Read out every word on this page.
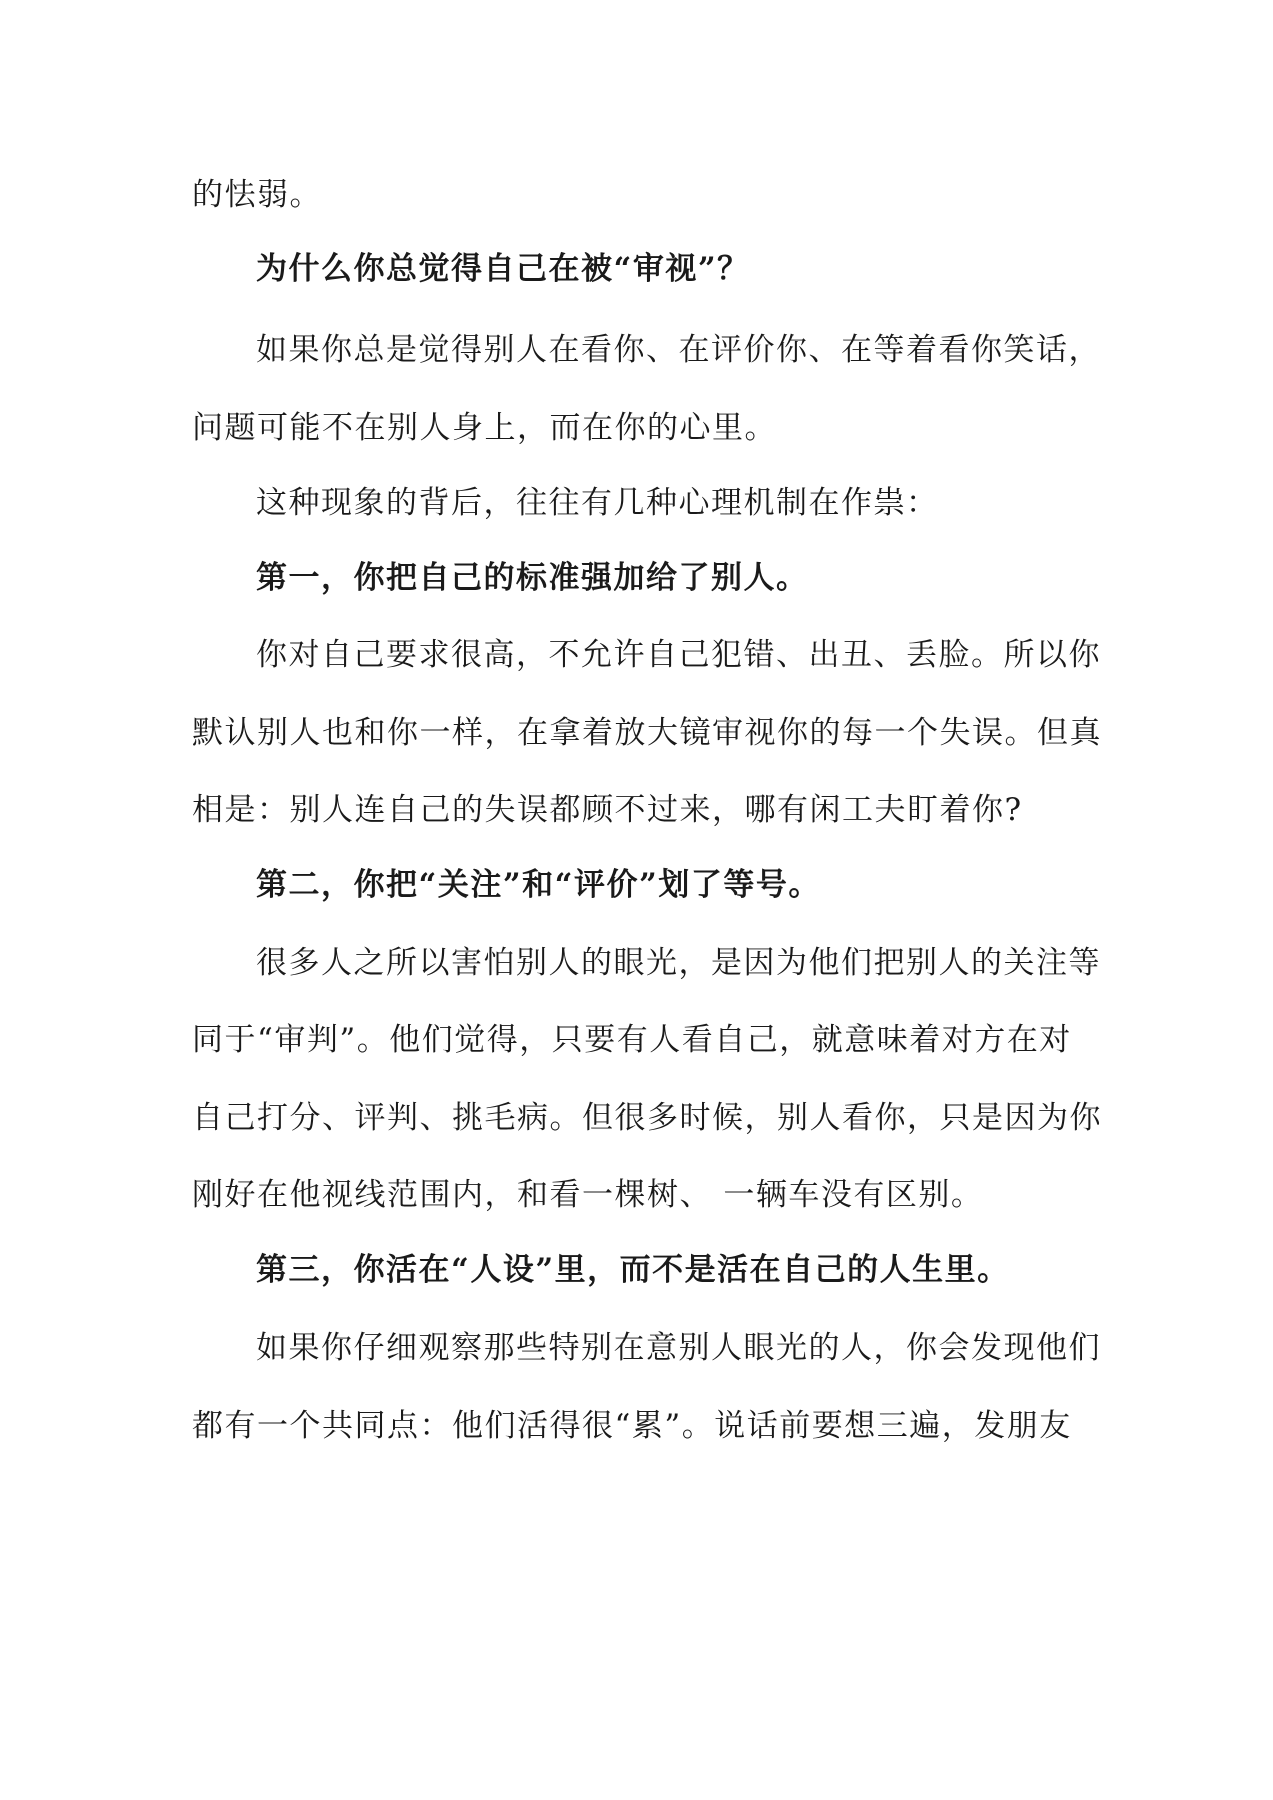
的怯弱。
为什么你总觉得自己在被“审视”？
如果你总是觉得别人在看你、在评价你、在等着看你笑话，
问题可能不在别人身上，而在你的心里。
这种现象的背后，往往有几种心理机制在作祟：
第一，你把自己的标准强加给了别人。
你对自己要求很高，不允许自己犯错、出丑、丢脸。所以你
默认别人也和你一样，在拿着放大镜审视你的每一个失误。但真
相是：别人连自己的失误都顾不过来，哪有闲工夫盯着你?
第二，你把“关注”和“评价”划了等号。
很多人之所以害怕别人的眼光，是因为他们把别人的关注等
同于“审判”。他们觉得，只要有人看自己，就意味着对方在对
自己打分、评判、挑毛病。但很多时候，别人看你，只是因为你
刚好在他视线范围内，和看一棵树、 一辆车没有区别。
第三，你活在“人设”里，而不是活在自己的人生里。
如果你仔细观察那些特别在意别人眼光的人，你会发现他们
都有一个共同点：他们活得很“累”。说话前要想三遍，发朋友
